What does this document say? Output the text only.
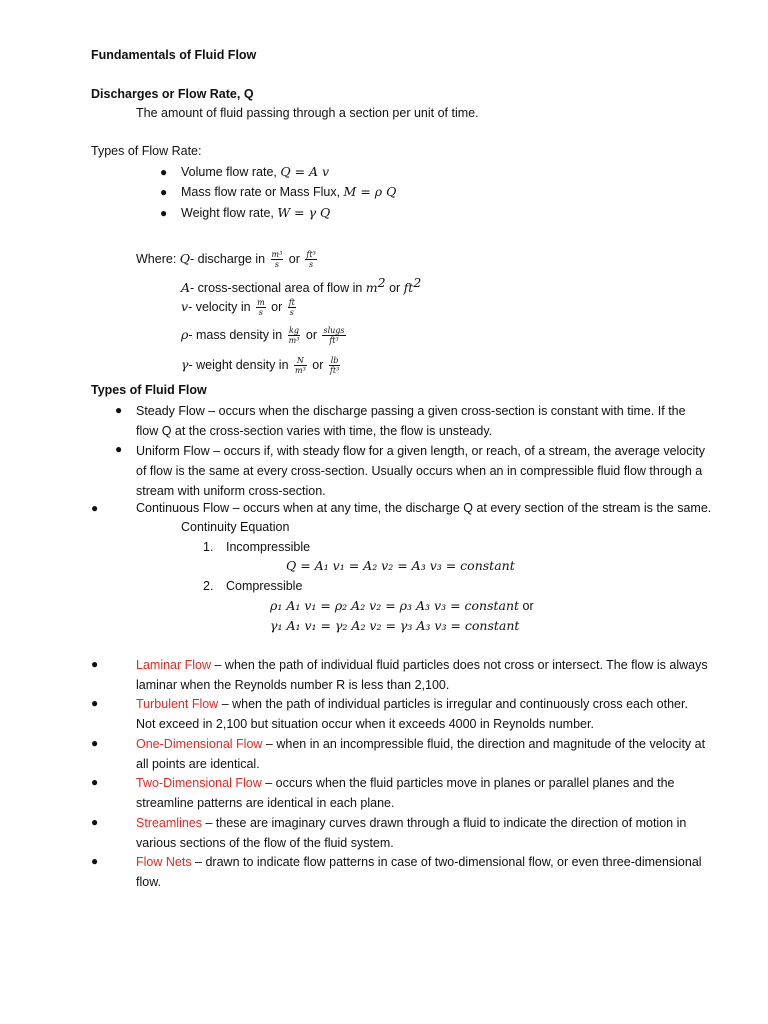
Fundamentals of Fluid Flow
Discharges or Flow Rate, Q
The amount of fluid passing through a section per unit of time.
Types of Flow Rate:
● Volume flow rate, Q = A v
● Mass flow rate or Mass Flux, M = ρ Q
● Weight flow rate, W = γ Q
Where: Q- discharge in $\frac{\text{m³}}{s}$ or $\frac{\text{ft³}}{s}$
A- cross-sectional area of flow in $m^2$ or $ft^2$
v- velocity in $\frac{m}{s}$ or $\frac{ft}{s}$
ρ- mass density in $\frac{kg}{\text{m³}}$ or $\frac{\text{slugs}}{\text{ft³}}$
γ- weight density in $\frac{N}{\text{m³}}$ or $\frac{lb}{\text{ft³}}$
Types of Fluid Flow
● Steady Flow – occurs when the discharge passing a given cross-section is constant with time. If the flow Q at the cross-section varies with time, the flow is unsteady.
● Uniform Flow – occurs if, with steady flow for a given length, or reach, of a stream, the average velocity of flow is the same at every cross-section. Usually occurs when an in compressible fluid flow through a stream with uniform cross-section.
●	Continuous Flow – occurs when at any time, the discharge Q at every section of the stream is the same.
Continuity Equation
1. Incompressible
Q = A₁ v₁ = A₂ v₂ = A₃ v₃ = constant
2. Compressible
ρ₁ A₁ v₁ = ρ₂ A₂ v₂ = ρ₃ A₃ v₃ = constant or
γ₁ A₁ v₁ = γ₂ A₂ v₂ = γ₃ A₃ v₃ = constant
●	Laminar Flow – when the path of individual fluid particles does not cross or intersect. The flow is always laminar when the Reynolds number R is less than 2,100.
●	Turbulent Flow – when the path of individual particles is irregular and continuously cross each other. Not exceed in 2,100 but situation occur when it exceeds 4000 in Reynolds number.
●	One-Dimensional Flow – when in an incompressible fluid, the direction and magnitude of the velocity at all points are identical.
●	Two-Dimensional Flow – occurs when the fluid particles move in planes or parallel planes and the streamline patterns are identical in each plane.
●	Streamlines – these are imaginary curves drawn through a fluid to indicate the direction of motion in various sections of the flow of the fluid system.
●	Flow Nets – drawn to indicate flow patterns in case of two-dimensional flow, or even three-dimensional flow.
